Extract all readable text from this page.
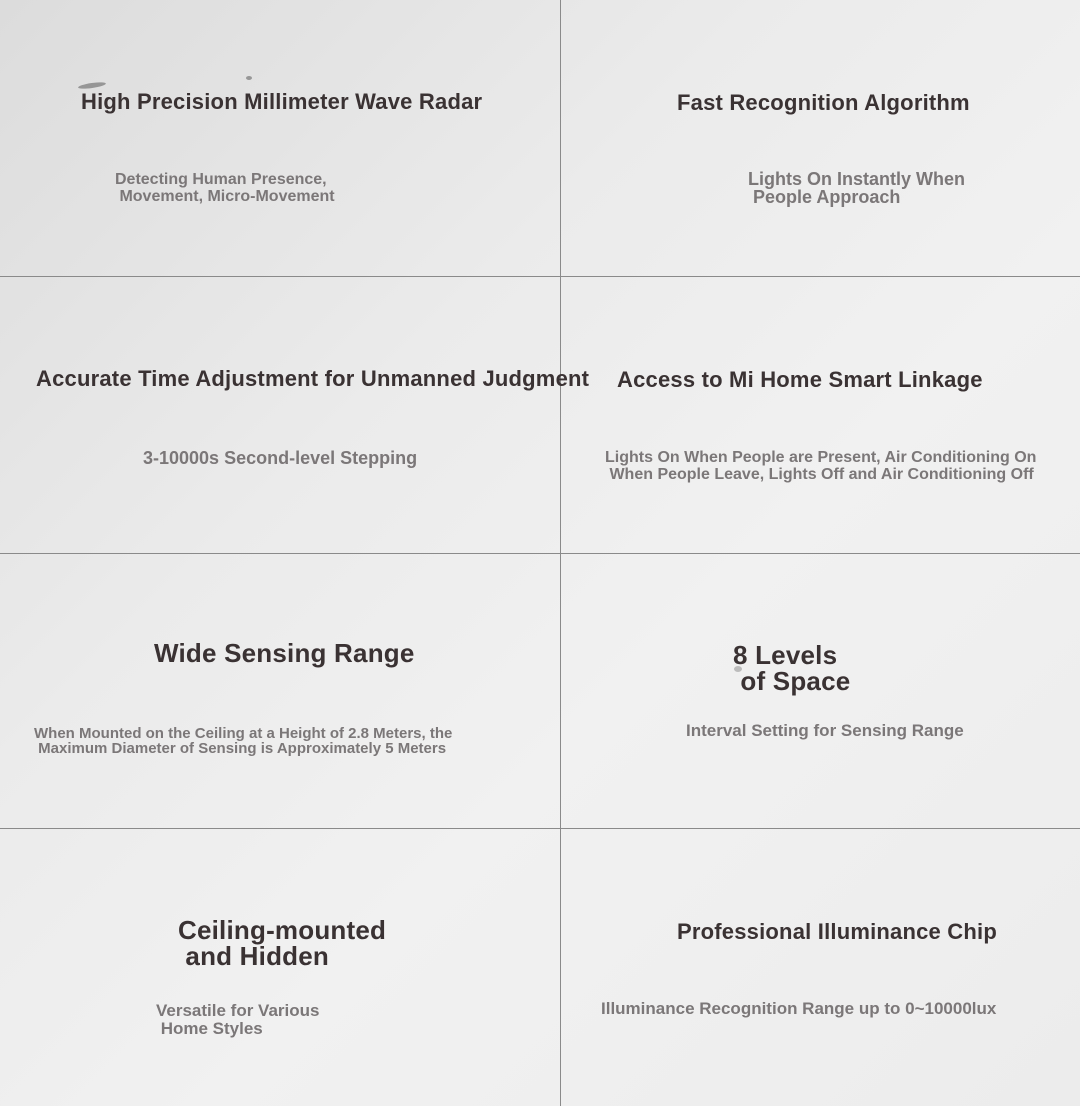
High Precision Millimeter Wave Radar

Detecting Human Presence,
Movement, Micro-Movement

Fast Recognition Algorithm

Lights On Instantly When
People Approach

Accurate Time Adjustment for Unmanned Judgment

3-10000s Second-level Stepping

Access to Mi Home Smart Linkage

Lights On When People are Present, Air Conditioning On
When People Leave, Lights Off and Air Conditioning Off

Wide Sensing Range

When Mounted on the Ceiling at a Height of 2.8 Meters, the
Maximum Diameter of Sensing is Approximately 5 Meters

8 Levels
of Space

Interval Setting for Sensing Range

Ceiling-mounted
and Hidden

Versatile for Various
Home Styles

Professional Illuminance Chip

Illuminance Recognition Range up to 0~10000lux
